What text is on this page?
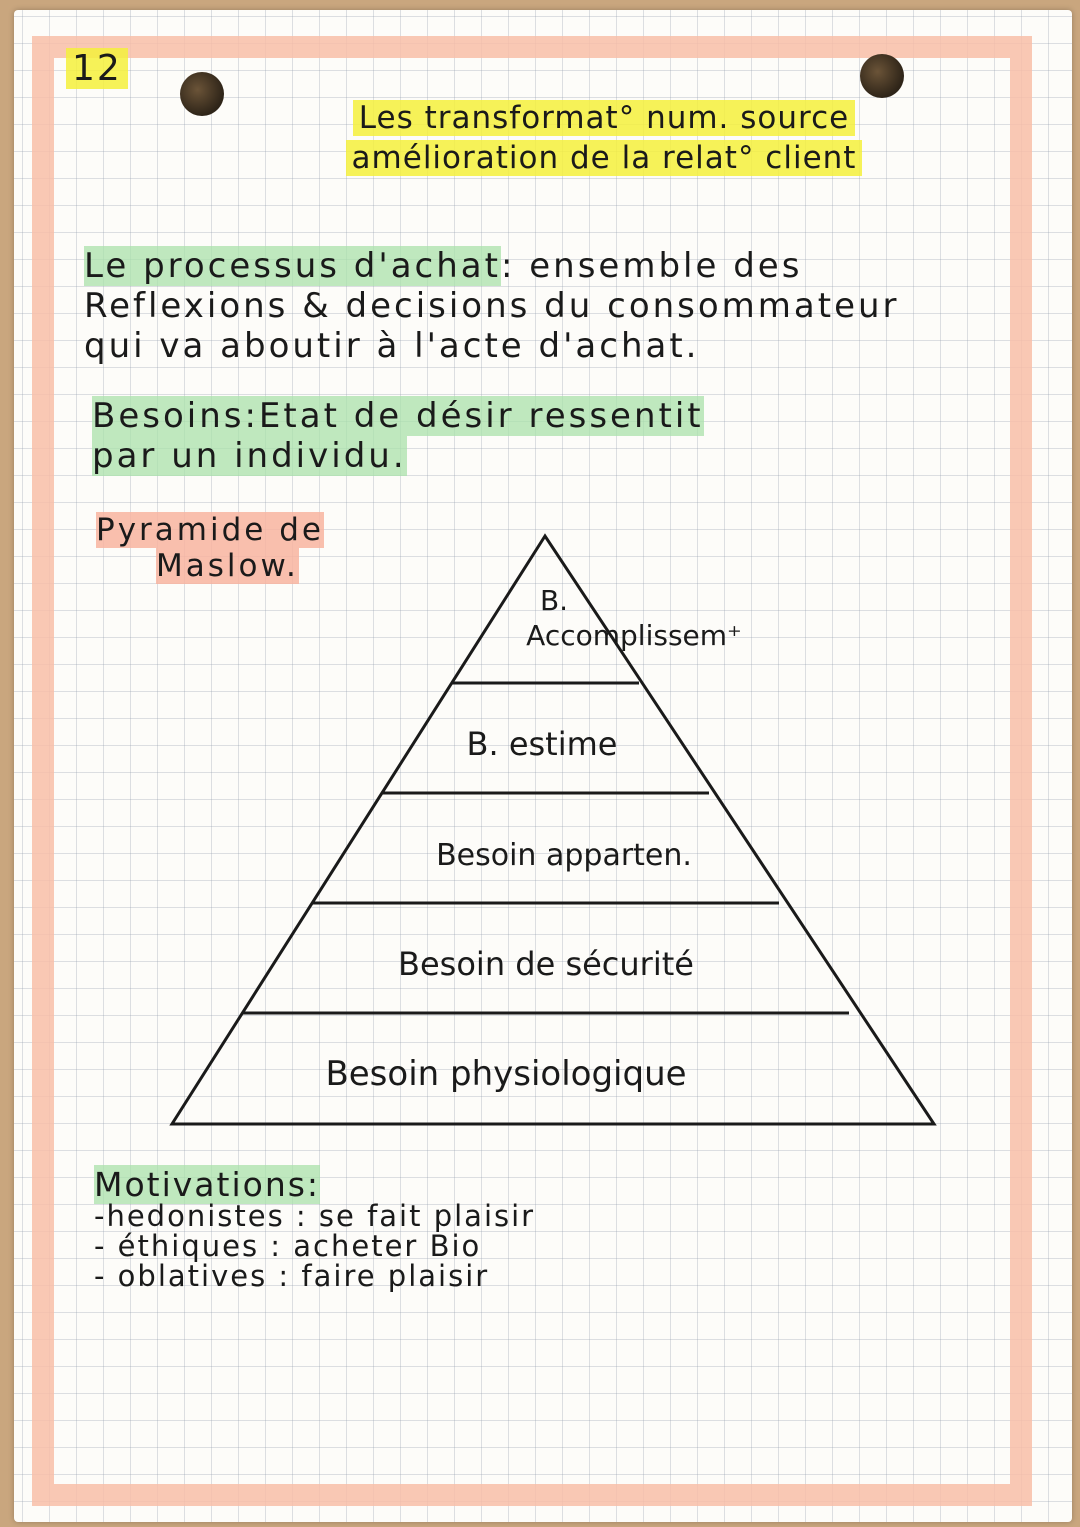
12
Les transformat° num. source
amélioration de la relat° client
Le processus d'achat: ensemble des
Reflexions & decisions du consommateur
qui va aboutir à l'acte d'achat.
Besoins:Etat de désir ressentit
par un individu.
Pyramide de
Maslow.
B.
Accomplissem⁺
B. estime
Besoin apparten.
Besoin de sécurité
Besoin physiologique
Motivations:
-hedonistes : se fait plaisir
- éthiques : acheter Bio
- oblatives : faire plaisir
